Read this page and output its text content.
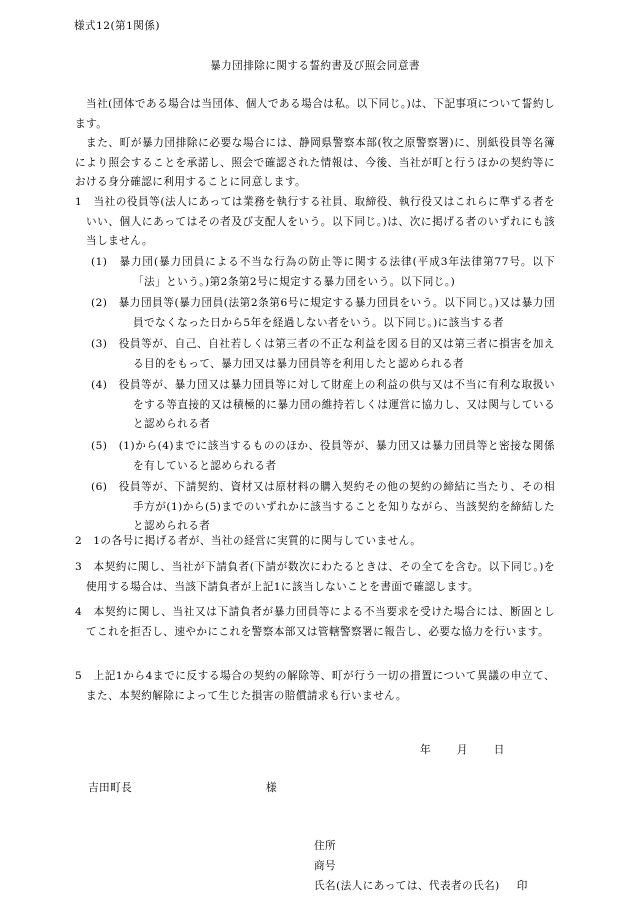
様式12(第1関係)
暴力団排除に関する誓約書及び照会同意書
当社(団体である場合は当団体、個人である場合は私。以下同じ。)は、下記事項について誓約します。
また、町が暴力団排除に必要な場合には、静岡県警察本部(牧之原警察署)に、別紙役員等名簿により照会することを承諾し、照会で確認された情報は、今後、当社が町と行うほかの契約等における身分確認に利用することに同意します。
1　当社の役員等(法人にあっては業務を執行する社員、取締役、執行役又はこれらに準ずる者をいい、個人にあってはその者及び支配人をいう。以下同じ。)は、次に掲げる者のいずれにも該当しません。
(1)　暴力団(暴力団員による不当な行為の防止等に関する法律(平成3年法律第77号。以下「法」という。)第2条第2号に規定する暴力団をいう。以下同じ。)
(2)　暴力団員等(暴力団員(法第2条第6号に規定する暴力団員をいう。以下同じ。)又は暴力団員でなくなった日から5年を経過しない者をいう。以下同じ。)に該当する者
(3)　役員等が、自己、自社若しくは第三者の不正な利益を図る目的又は第三者に損害を加える目的をもって、暴力団又は暴力団員等を利用したと認められる者
(4)　役員等が、暴力団又は暴力団員等に対して財産上の利益の供与又は不当に有利な取扱いをする等直接的又は積極的に暴力団の維持若しくは運営に協力し、又は関与していると認められる者
(5)　(1)から(4)までに該当するもののほか、役員等が、暴力団又は暴力団員等と密接な関係を有していると認められる者
(6)　役員等が、下請契約、資材又は原材料の購入契約その他の契約の締結に当たり、その相手方が(1)から(5)までのいずれかに該当することを知りながら、当該契約を締結したと認められる者
2　1の各号に掲げる者が、当社の経営に実質的に関与していません。
3　本契約に関し、当社が下請負者(下請が数次にわたるときは、その全てを含む。以下同じ。)を使用する場合は、当該下請負者が上記1に該当しないことを書面で確認します。
4　本契約に関し、当社又は下請負者が暴力団員等による不当要求を受けた場合には、断固としてこれを拒否し、速やかにこれを警察本部又は管轄警察署に報告し、必要な協力を行います。
5　上記1から4までに反する場合の契約の解除等、町が行う一切の措置について異議の申立て、また、本契約解除によって生じた損害の賠償請求も行いません。
年 月 日
吉田町長	様
住所
商号
氏名(法人にあっては、代表者の氏名) 印
